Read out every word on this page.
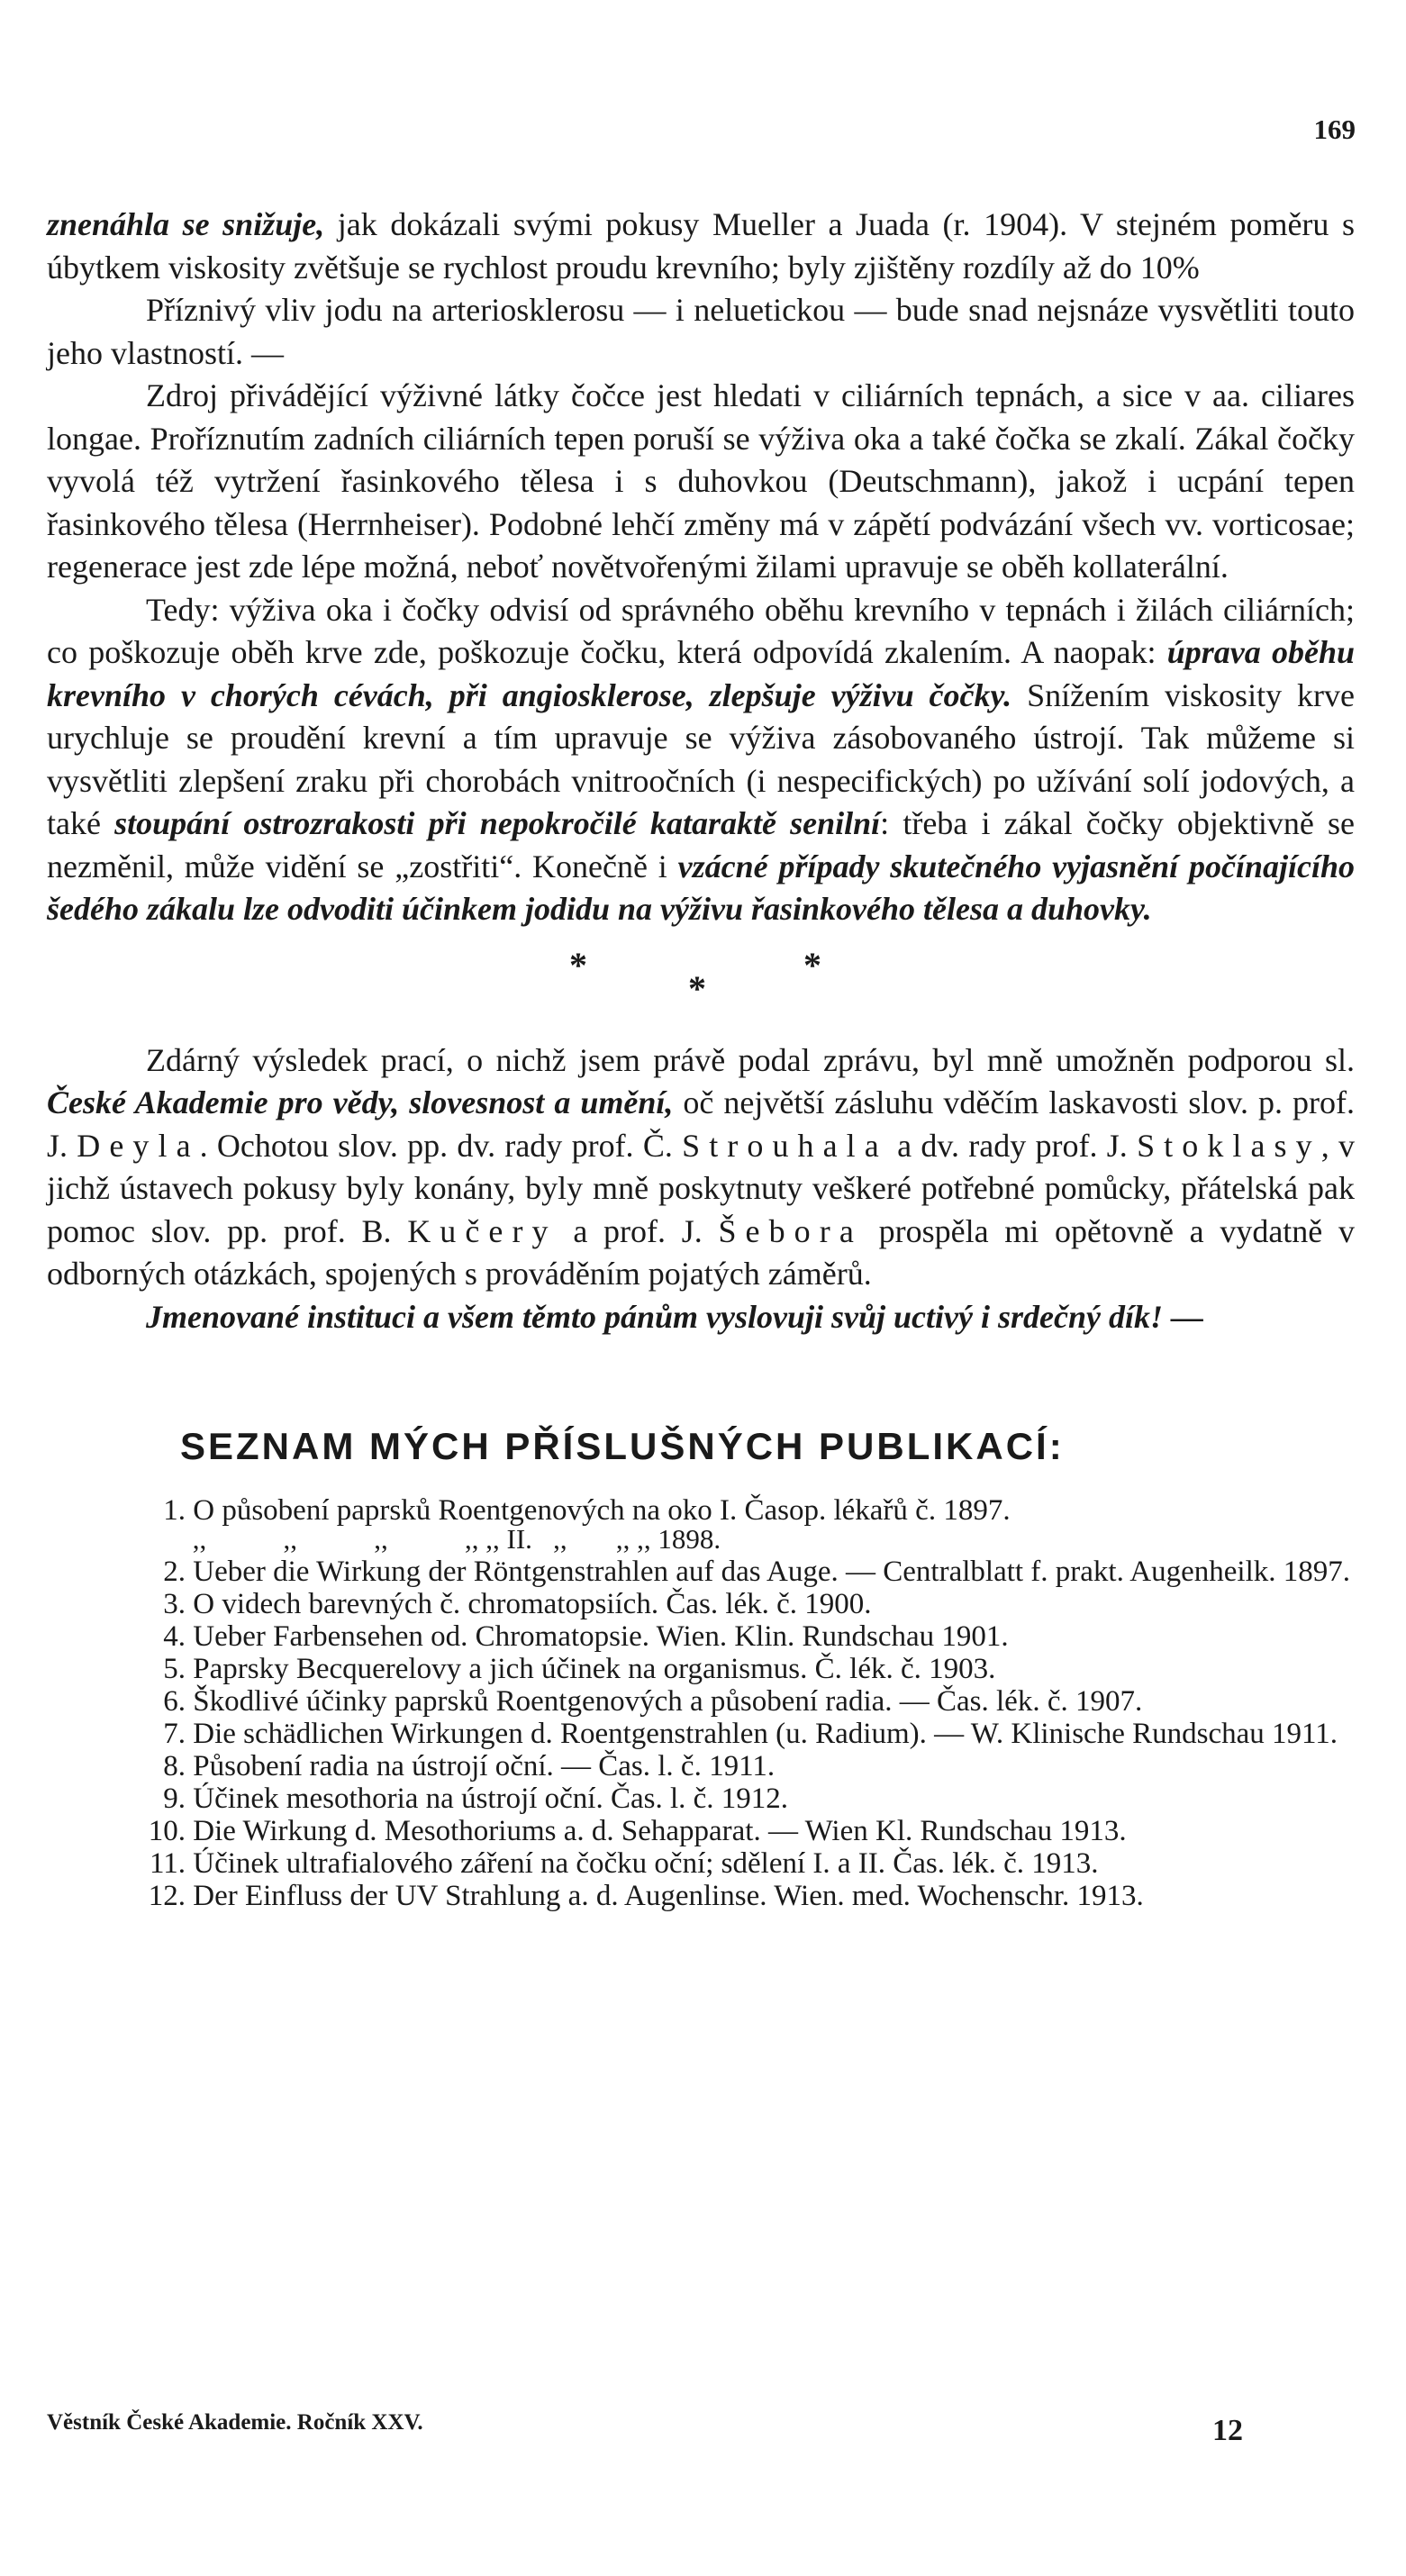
169

znenáhla se snižuje, jak dokázali svými pokusy Mueller a Juada (r. 1904). V stejném poměru s úbytkem viskosity zvětšuje se rychlost proudu krevního; byly zjištěny rozdíly až do 10%

Příznivý vliv jodu na arteriosklerosu — i neluetickou — bude snad nejsnáze vysvětliti touto jeho vlastností. —

Zdroj přivádějící výživné látky čočce jest hledati v ciliárních tepnách, a sice v aa. ciliares longae. Proříznutím zadních ciliárních tepen poruší se výživa oka a také čočka se zkalí. Zákal čočky vyvolá též vytržení řasinkového tělesa i s duhovkou (Deutschmann), jakož i ucpání tepen řasinkového tělesa (Herrnheiser). Podobné lehčí změny má v zápětí podvázání všech vv. vorticosae; regenerace jest zde lépe možná, neboť novětvořenými žilami upravuje se oběh kollaterální.

Tedy: výživa oka i čočky odvisí od správného oběhu krevního v tepnách i žilách ciliárních; co poškozuje oběh krve zde, poškozuje čočku, která odpovídá zkalením. A naopak: úprava oběhu krevního v chorých cévách, při angiosklerose, zlepšuje výživu čočky. Snížením viskosity krve urychluje se proudění krevní a tím upravuje se výživa zásobovaného ústrojí. Tak můžeme si vysvětliti zlepšení zraku při chorobách vnitroočních (i nespecifických) po užívání solí jodových, a také stoupání ostrozrakosti při nepokročilé kataraktě senilní: třeba i zákal čočky objektivně se nezměnil, může vidění se „zostřiti“. Konečně i vzácné případy skutečného vyjasnění počínajícího šedého zákalu lze odvoditi účinkem jodidu na výživu řasinkového tělesa a duhovky.

*
*
*

Zdárný výsledek prací, o nichž jsem právě podal zprávu, byl mně umožněn podporou sl. České Akademie pro vědy, slovesnost a umění, oč největší zásluhu vděčím laskavosti slov. p. prof. J. Deyla. Ochotou slov. pp. dv. rady prof. Č. Strouhala a dv. rady prof. J. Stoklasy, v jichž ústavech pokusy byly konány, byly mně poskytnuty veškeré potřebné pomůcky, přátelská pak pomoc slov. pp. prof. B. Kučery a prof. J. Šebora prospěla mi opětovně a vydatně v odborných otázkách, spojených s prováděním pojatých záměrů.

Jmenované instituci a všem těmto pánům vyslovuji svůj uctivý i srdečný dík! —

SEZNAM MÝCH PŘÍSLUŠNÝCH PUBLIKACÍ:

1. O působení paprsků Roentgenových na oko I. Časop. lékařů č. 1897.

,,           ,,           ,,           ,, ,, II.   ,,       ,, ,, 1898.

2. Ueber die Wirkung der Röntgenstrahlen auf das Auge. — Centralblatt f. prakt. Augenheilk. 1897.

3. O videch barevných č. chromatopsiích. Čas. lék. č. 1900.

4. Ueber Farbensehen od. Chromatopsie. Wien. Klin. Rundschau 1901.

5. Paprsky Becquerelovy a jich účinek na organismus. Č. lék. č. 1903.

6. Škodlivé účinky paprsků Roentgenových a působení radia. — Čas. lék. č. 1907.

7. Die schädlichen Wirkungen d. Roentgenstrahlen (u. Radium). — W. Klinische Rundschau 1911.

8. Působení radia na ústrojí oční. — Čas. l. č. 1911.

9. Účinek mesothoria na ústrojí oční. Čas. l. č. 1912.

10. Die Wirkung d. Mesothoriums a. d. Sehapparat. — Wien Kl. Rundschau 1913.

11. Účinek ultrafialového záření na čočku oční; sdělení I. a II. Čas. lék. č. 1913.

12. Der Einfluss der UV Strahlung a. d. Augenlinse. Wien. med. Wochenschr. 1913.

Věstník České Akademie. Ročník XXV.	12
